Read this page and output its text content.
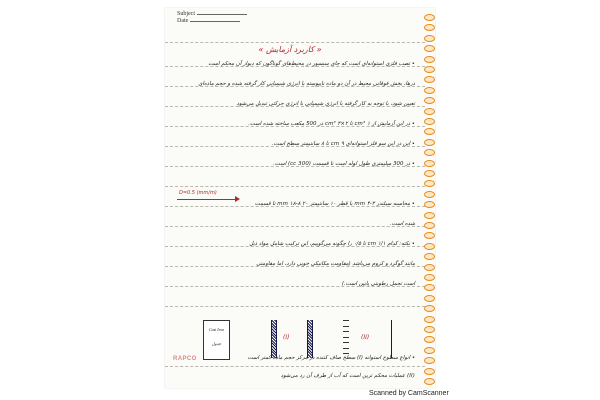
Subject
Date
« کاربرد آزمایش »
• تصب فلزی استوانه‌ای است که جای سنسور در محیط‌های گوناگون که دیوار آن محکم است
درها، بخش فوقانی محیط در آن دو ماده ناپیوسته با انرژی شیمیایی کار گرفته شده و حجم ماده‌ای
تعیین شود، با توجه به کار گرفته با انرژی شیمیایی با انرژی حرکتی تبدیل می‌شود
• در این آزمایش از cm³ ۱ تا ۲×۴ cm³ در 500 مکعب ساخته شده است.
• این در این سو فلز استوانه‌ای ۹ cm تا ۸ سانتیمتر سطح است.
• در 300 میلیمتری طول لوله است تا قسمت (cc 300) است.
D=0.5 (mm/m)
• محاسبه سیلندر ۳-۴ mm با قطر ۱۰ سانتیمتر mm ۱۸-۸ ۲۰ تا قسمت
شده است.
• نکته: کدام cm ۱/۱ تا ۰/۵ را چگونه می‌گوییم، این ترکیب شامل مواد ذیل
مانند گوگرد و کروم می‌باشد (مقاومت مکانیکی خوبی دارد، اما مقاومتی
است تحمل رطوبتی پایین است.)
Cast Iron
جدول
(I)	(II)
• انواع سطوح استوانه (I) سطح صاف کننده در مرکز حجم ماده کمتر است
(II) عملیات محکم ترین است که آب از طرف آن رد می‌شود
RAPCO
Scanned by CamScanner
